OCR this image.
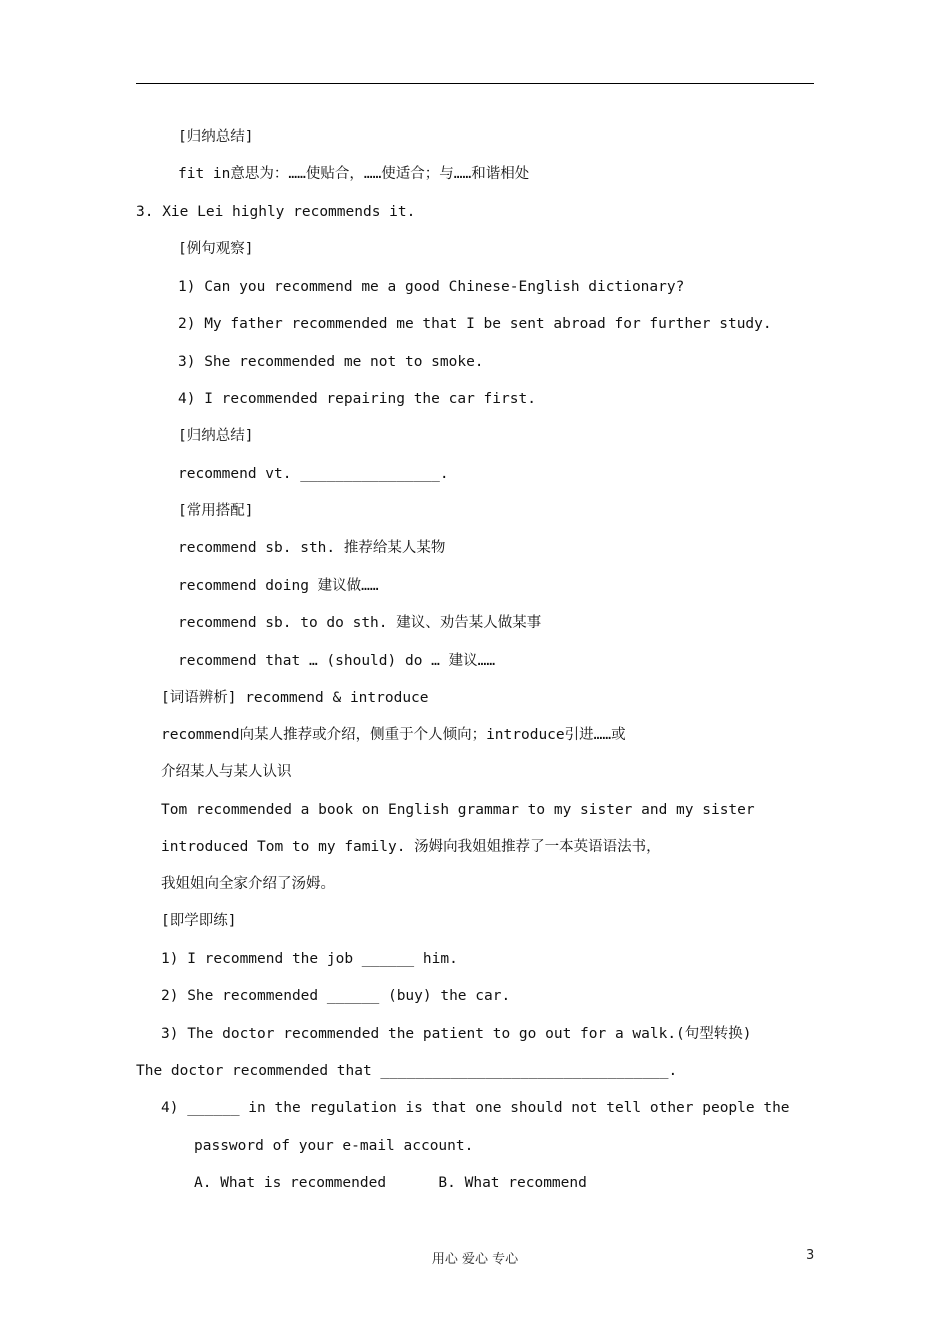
[归纳总结]
fit in意思为：……使贴合，……使适合；与……和谐相处
3. Xie Lei highly recommends it.
[例句观察]
1) Can you recommend me a good Chinese-English dictionary?
2) My father recommended me that I be sent abroad for further study.
3) She recommended me not to smoke.
4) I recommended repairing the car first.
[归纳总结]
recommend vt. ________________.
[常用搭配]
recommend sb. sth. 推荐给某人某物
recommend doing 建议做……
recommend sb. to do sth. 建议、劝告某人做某事
recommend that … (should) do … 建议……
[词语辨析] recommend & introduce
recommend向某人推荐或介绍，侧重于个人倾向；introduce引进……或
介绍某人与某人认识
Tom recommended a book on English grammar to my sister and my sister
introduced Tom to my family. 汤姆向我姐姐推荐了一本英语语法书，
我姐姐向全家介绍了汤姆。
[即学即练]
1) I recommend the job ______ him.
2) She recommended ______ (buy) the car.
3) The doctor recommended the patient to go out for a walk.(句型转换)
The doctor recommended that _________________________________.
4) ______ in the regulation is that one should not tell other people the
password of your e-mail account.
A. What is recommended      B. What recommend
用心 爱心 专心	3
